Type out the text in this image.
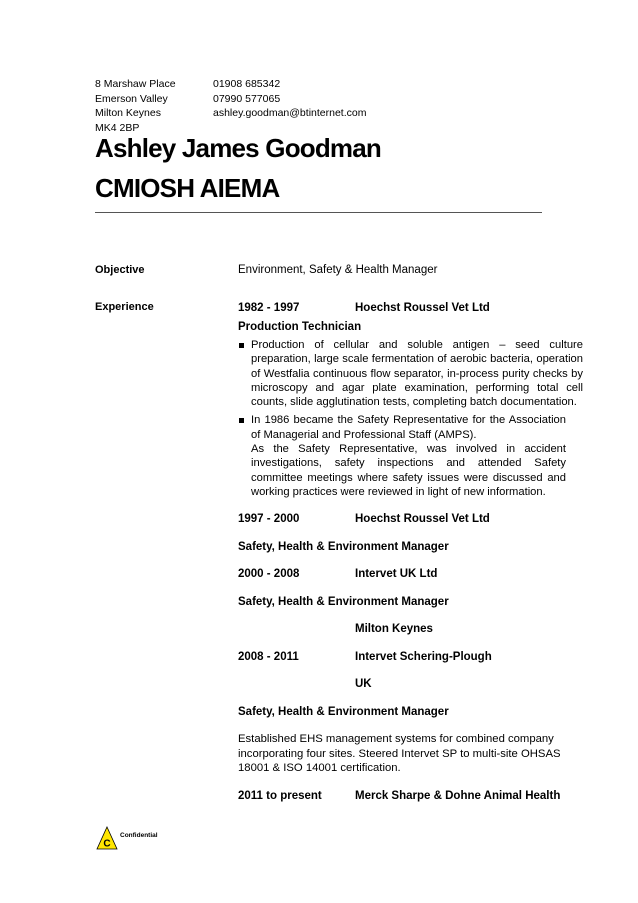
8 Marshaw Place	01908 685342
Emerson Valley	07990 577065
Milton Keynes	ashley.goodman@btinternet.com
MK4 2BP
Ashley James Goodman
CMIOSH AIEMA
Objective	Environment, Safety & Health Manager
Experience	1982 - 1997	Hoechst Roussel Vet Ltd
Production Technician
Production of cellular and soluble antigen – seed culture preparation, large scale fermentation of aerobic bacteria, operation of Westfalia continuous flow separator, in-process purity checks by microscopy and agar plate examination, performing total cell counts, slide agglutination tests, completing batch documentation.
In 1986 became the Safety Representative for the Association of Managerial and Professional Staff (AMPS).
As the Safety Representative, was involved in accident investigations, safety inspections and attended Safety committee meetings where safety issues were discussed and working practices were reviewed in light of new information.
1997 - 2000	Hoechst Roussel Vet Ltd
Safety, Health & Environment Manager
2000 - 2008	Intervet UK Ltd
Safety, Health & Environment Manager
Milton Keynes
2008 - 2011	Intervet Schering-Plough
UK
Safety, Health & Environment Manager
Established EHS management systems for combined company incorporating four sites. Steered Intervet SP to multi-site OHSAS 18001 & ISO 14001 certification.
2011 to present	Merck Sharpe & Dohne Animal Health
C
Confidential
